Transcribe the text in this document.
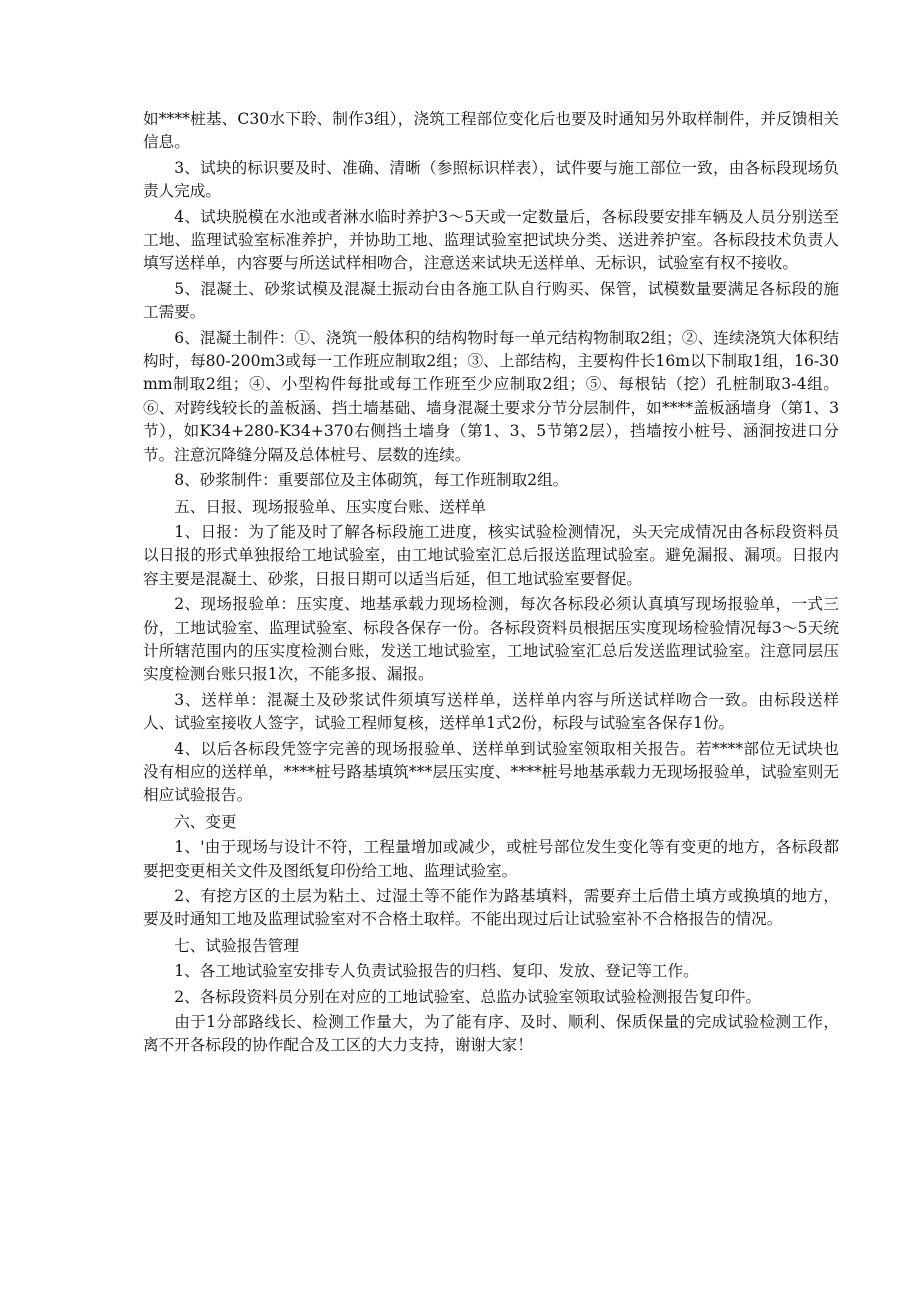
如****桩基、C30水下聆、制作3组），浇筑工程部位变化后也要及时通知另外取样制件，并反馈相关信息。

3、试块的标识要及时、准确、清晰（参照标识样表），试件要与施工部位一致，由各标段现场负责人完成。

4、试块脱模在水池或者淋水临时养护3～5天或一定数量后，各标段要安排车辆及人员分别送至工地、监理试验室标准养护，并协助工地、监理试验室把试块分类、送进养护室。各标段技术负责人填写送样单，内容要与所送试样相吻合，注意送来试块无送样单、无标识，试验室有权不接收。

5、混凝土、砂浆试模及混凝土振动台由各施工队自行购买、保管，试模数量要满足各标段的施工需要。

6、混凝土制件：①、浇筑一般体积的结构物时每一单元结构物制取2组；②、连续浇筑大体积结构时，每80-200m3或每一工作班应制取2组；③、上部结构，主要构件长16m以下制取1组，16-30mm制取2组；④、小型构件每批或每工作班至少应制取2组；⑤、每根钻（挖）孔桩制取3-4组。⑥、对跨线较长的盖板涵、挡土墙基础、墙身混凝土要求分节分层制件，如****盖板涵墙身（第1、3节），如K34+280-K34+370右侧挡土墙身（第1、3、5节第2层），挡墙按小桩号、涵洞按进口分节。注意沉降缝分隔及总体桩号、层数的连续。

8、砂浆制件：重要部位及主体砌筑，每工作班制取2组。

五、日报、现场报验单、压实度台账、送样单

1、日报：为了能及时了解各标段施工进度，核实试验检测情况，头天完成情况由各标段资料员以日报的形式单独报给工地试验室，由工地试验室汇总后报送监理试验室。避免漏报、漏项。日报内容主要是混凝土、砂浆，日报日期可以适当后延，但工地试验室要督促。

2、现场报验单：压实度、地基承载力现场检测，每次各标段必须认真填写现场报验单，一式三份，工地试验室、监理试验室、标段各保存一份。各标段资料员根据压实度现场检验情况每3～5天统计所辖范围内的压实度检测台账，发送工地试验室，工地试验室汇总后发送监理试验室。注意同层压实度检测台账只报1次，不能多报、漏报。

3、送样单：混凝土及砂浆试件须填写送样单，送样单内容与所送试样吻合一致。由标段送样人、试验室接收人签字，试验工程师复核，送样单1式2份，标段与试验室各保存1份。

4、以后各标段凭签字完善的现场报验单、送样单到试验室领取相关报告。若****部位无试块也没有相应的送样单，****桩号路基填筑***层压实度、****桩号地基承载力无现场报验单，试验室则无相应试验报告。

六、变更

1、'由于现场与设计不符，工程量增加或减少，或桩号部位发生变化等有变更的地方，各标段都要把变更相关文件及图纸复印份给工地、监理试验室。

2、有挖方区的土层为粘土、过湿土等不能作为路基填料，需要弃土后借土填方或换填的地方，要及时通知工地及监理试验室对不合格土取样。不能出现过后让试验室补不合格报告的情况。

七、试验报告管理

1、各工地试验室安排专人负责试验报告的归档、复印、发放、登记等工作。

2、各标段资料员分别在对应的工地试验室、总监办试验室领取试验检测报告复印件。

由于1分部路线长、检测工作量大，为了能有序、及时、顺利、保质保量的完成试验检测工作，离不开各标段的协作配合及工区的大力支持，谢谢大家！
